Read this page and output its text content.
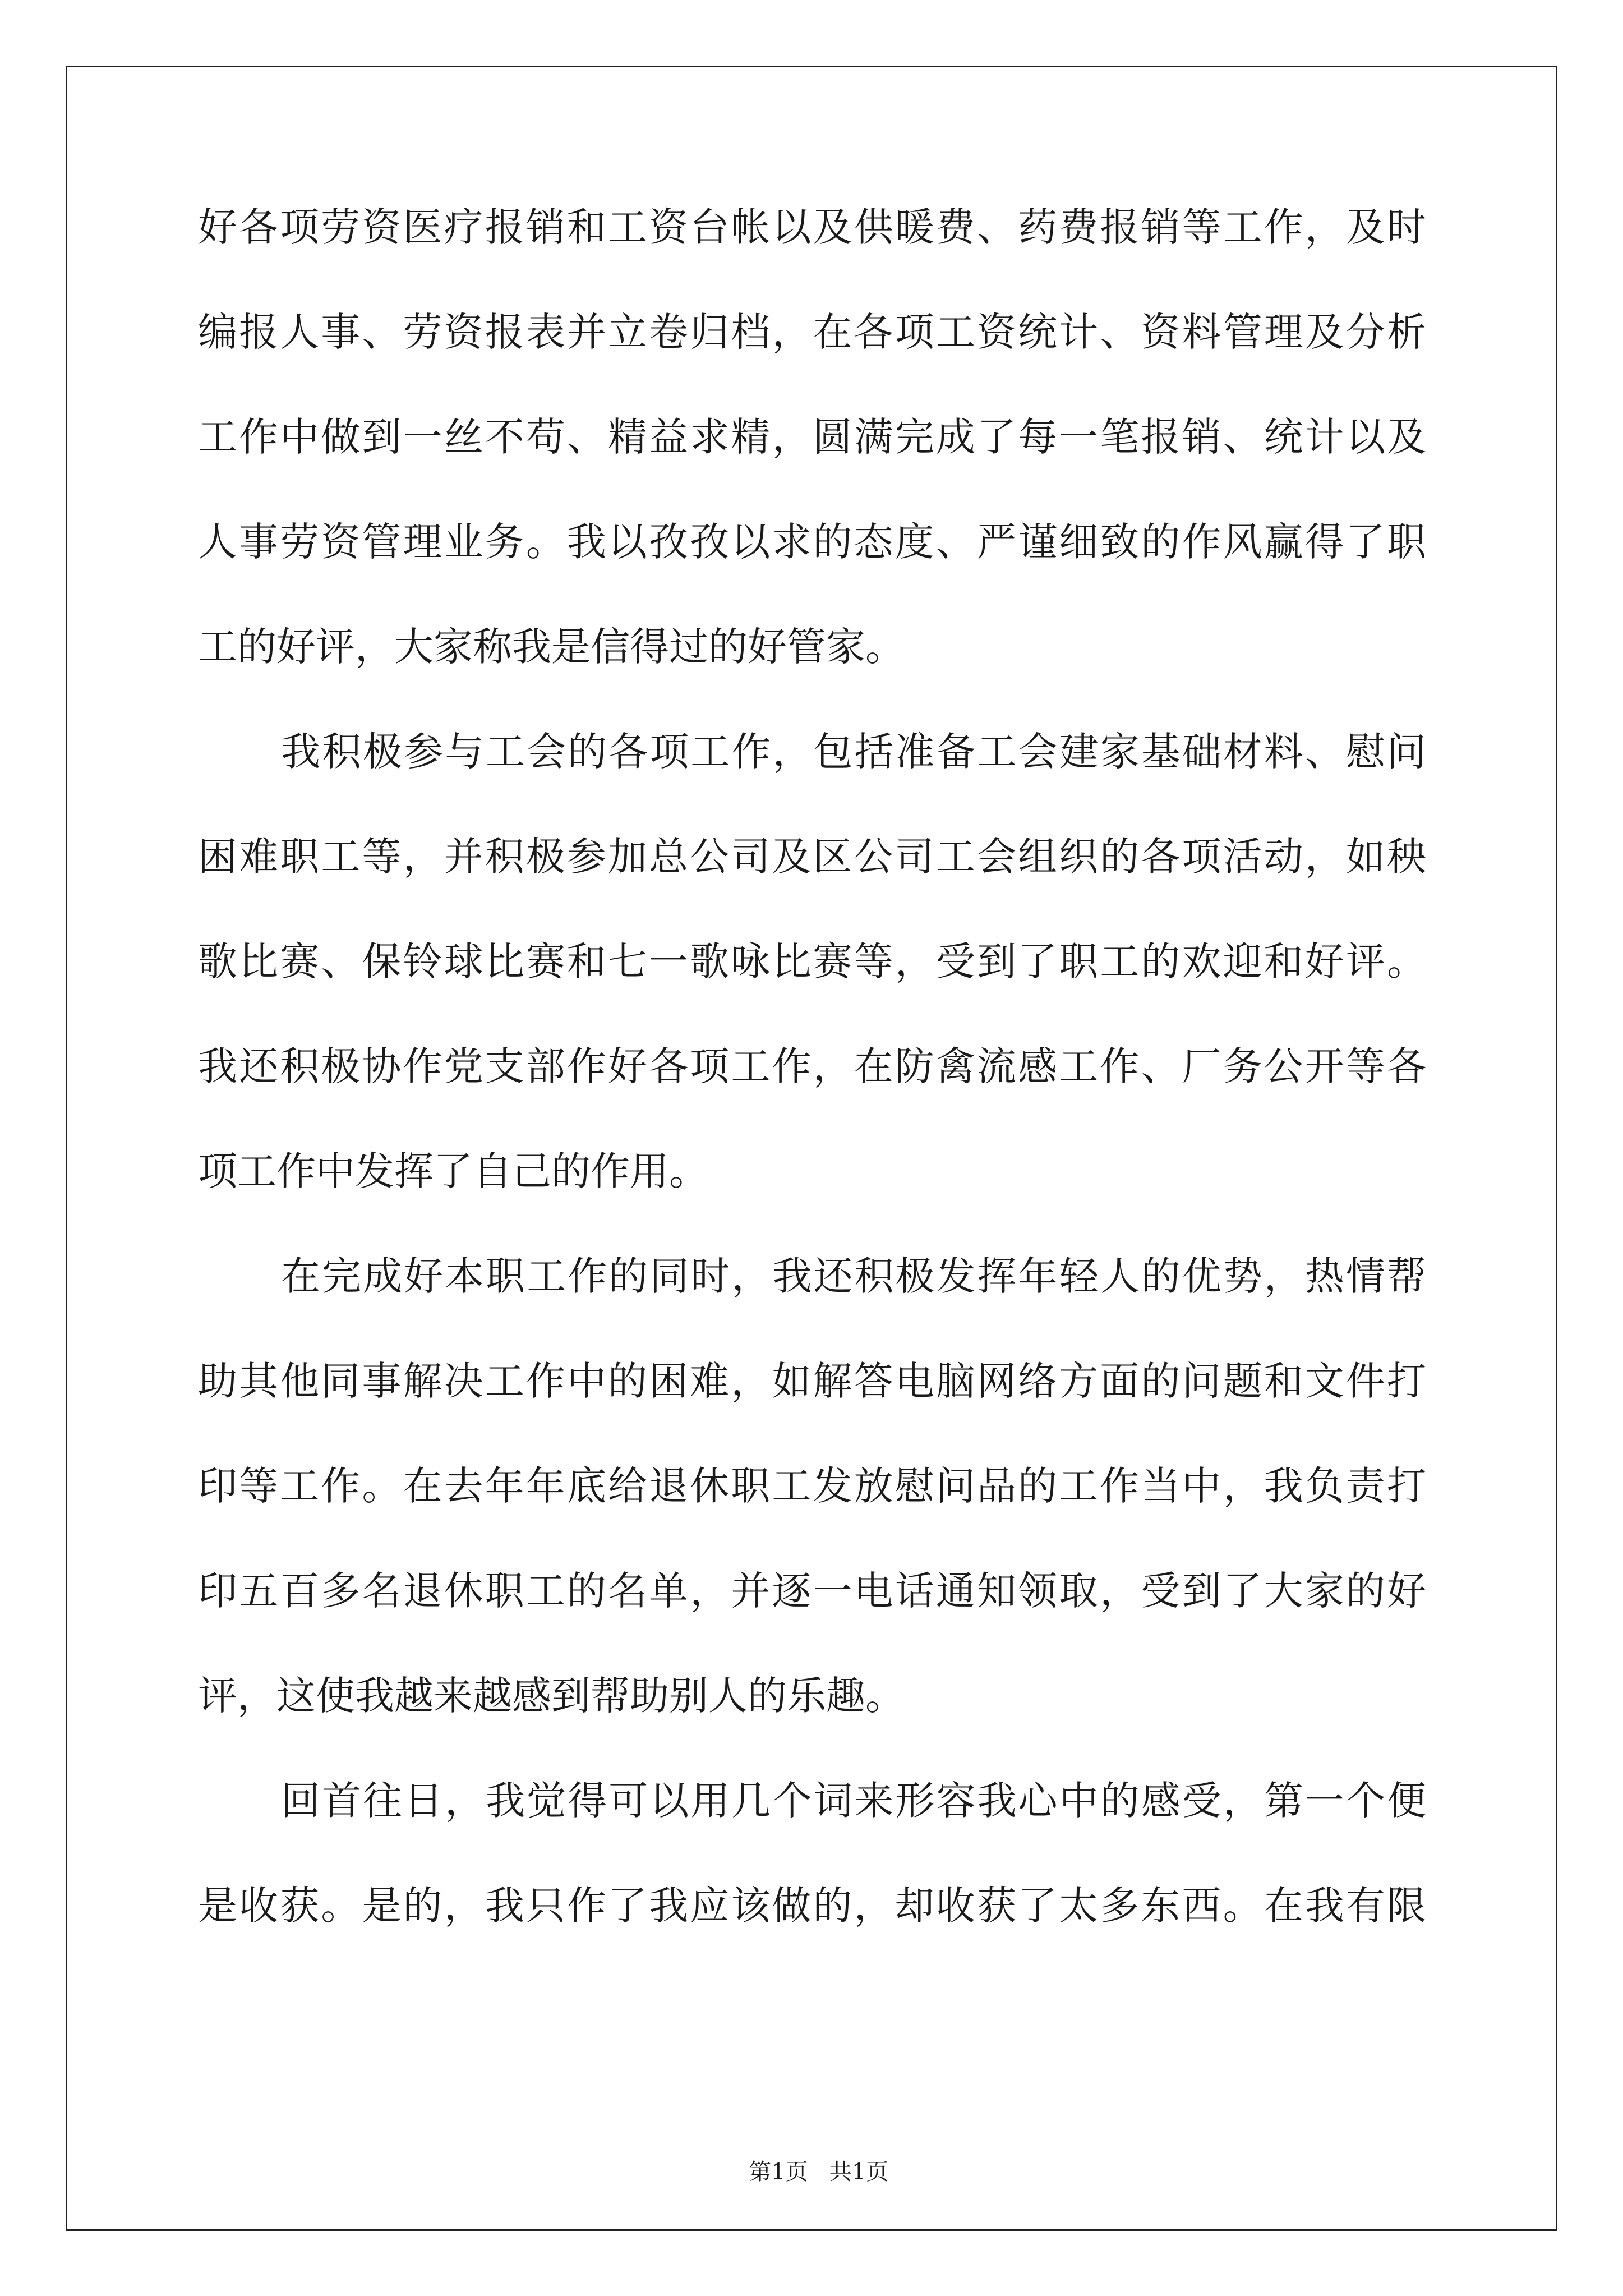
好各项劳资医疗报销和工资台帐以及供暖费、药费报销等工作，及时
编报人事、劳资报表并立卷归档，在各项工资统计、资料管理及分析
工作中做到一丝不苟、精益求精，圆满完成了每一笔报销、统计以及
人事劳资管理业务。我以孜孜以求的态度、严谨细致的作风赢得了职
工的好评，大家称我是信得过的好管家。
我积极参与工会的各项工作，包括准备工会建家基础材料、慰问
困难职工等，并积极参加总公司及区公司工会组织的各项活动，如秧
歌比赛、保铃球比赛和七一歌咏比赛等，受到了职工的欢迎和好评。
我还积极协作党支部作好各项工作，在防禽流感工作、厂务公开等各
项工作中发挥了自己的作用。
在完成好本职工作的同时，我还积极发挥年轻人的优势，热情帮
助其他同事解决工作中的困难，如解答电脑网络方面的问题和文件打
印等工作。在去年年底给退休职工发放慰问品的工作当中，我负责打
印五百多名退休职工的名单，并逐一电话通知领取，受到了大家的好
评，这使我越来越感到帮助别人的乐趣。
回首往日，我觉得可以用几个词来形容我心中的感受，第一个便
是收获。是的，我只作了我应该做的，却收获了太多东西。在我有限

第1页   共1页
